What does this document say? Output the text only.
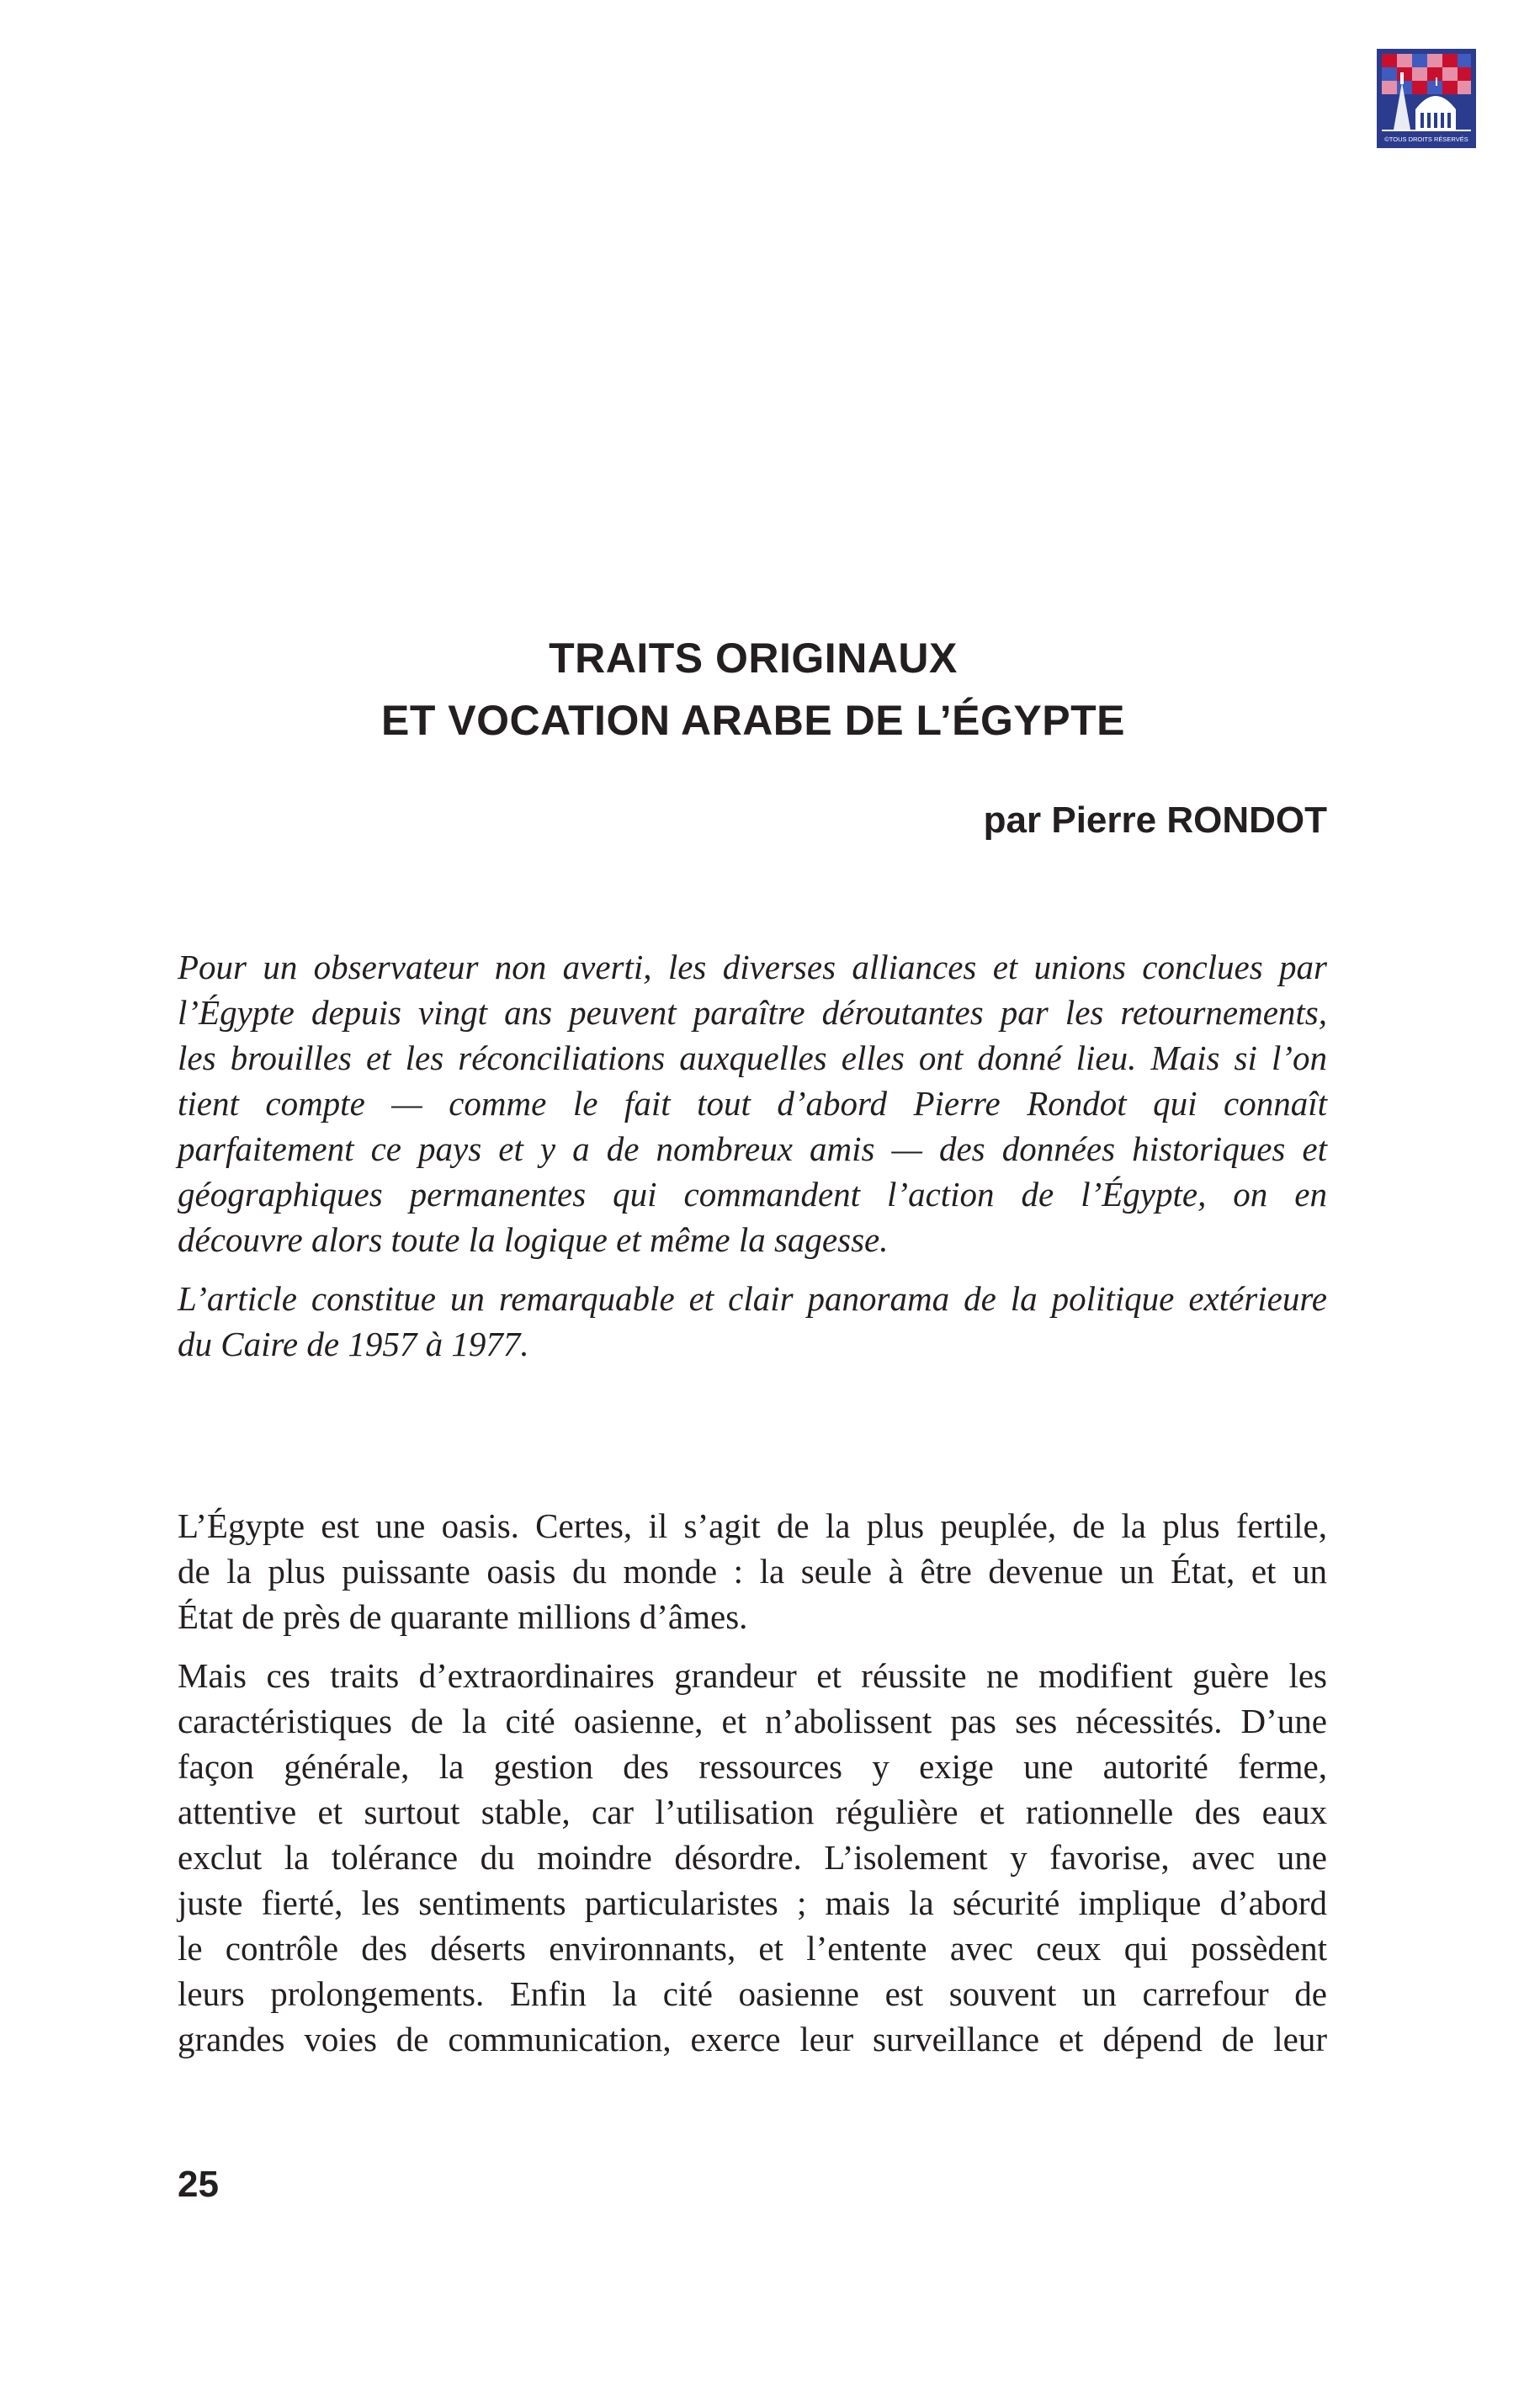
©TOUS DROITS RÉSERVÉS
TRAITS ORIGINAUX
ET VOCATION ARABE DE L’ÉGYPTE
par Pierre RONDOT

Pour un observateur non averti, les diverses alliances et unions conclues par
l’Égypte depuis vingt ans peuvent paraître déroutantes par les retournements,
les brouilles et les réconciliations auxquelles elles ont donné lieu. Mais si l’on
tient compte — comme le fait tout d’abord Pierre Rondot qui connaît
parfaitement ce pays et y a de nombreux amis — des données historiques et
géographiques permanentes qui commandent l’action de l’Égypte, on en
découvre alors toute la logique et même la sagesse.

L’article constitue un remarquable et clair panorama de la politique extérieure
du Caire de 1957 à 1977.

L’Égypte est une oasis. Certes, il s’agit de la plus peuplée, de la plus fertile,
de la plus puissante oasis du monde : la seule à être devenue un État, et un
État de près de quarante millions d’âmes.

Mais ces traits d’extraordinaires grandeur et réussite ne modifient guère les
caractéristiques de la cité oasienne, et n’abolissent pas ses nécessités. D’une
façon générale, la gestion des ressources y exige une autorité ferme,
attentive et surtout stable, car l’utilisation régulière et rationnelle des eaux
exclut la tolérance du moindre désordre. L’isolement y favorise, avec une
juste fierté, les sentiments particularistes ; mais la sécurité implique d’abord
le contrôle des déserts environnants, et l’entente avec ceux qui possèdent
leurs prolongements. Enfin la cité oasienne est souvent un carrefour de
grandes voies de communication, exerce leur surveillance et dépend de leur

25
